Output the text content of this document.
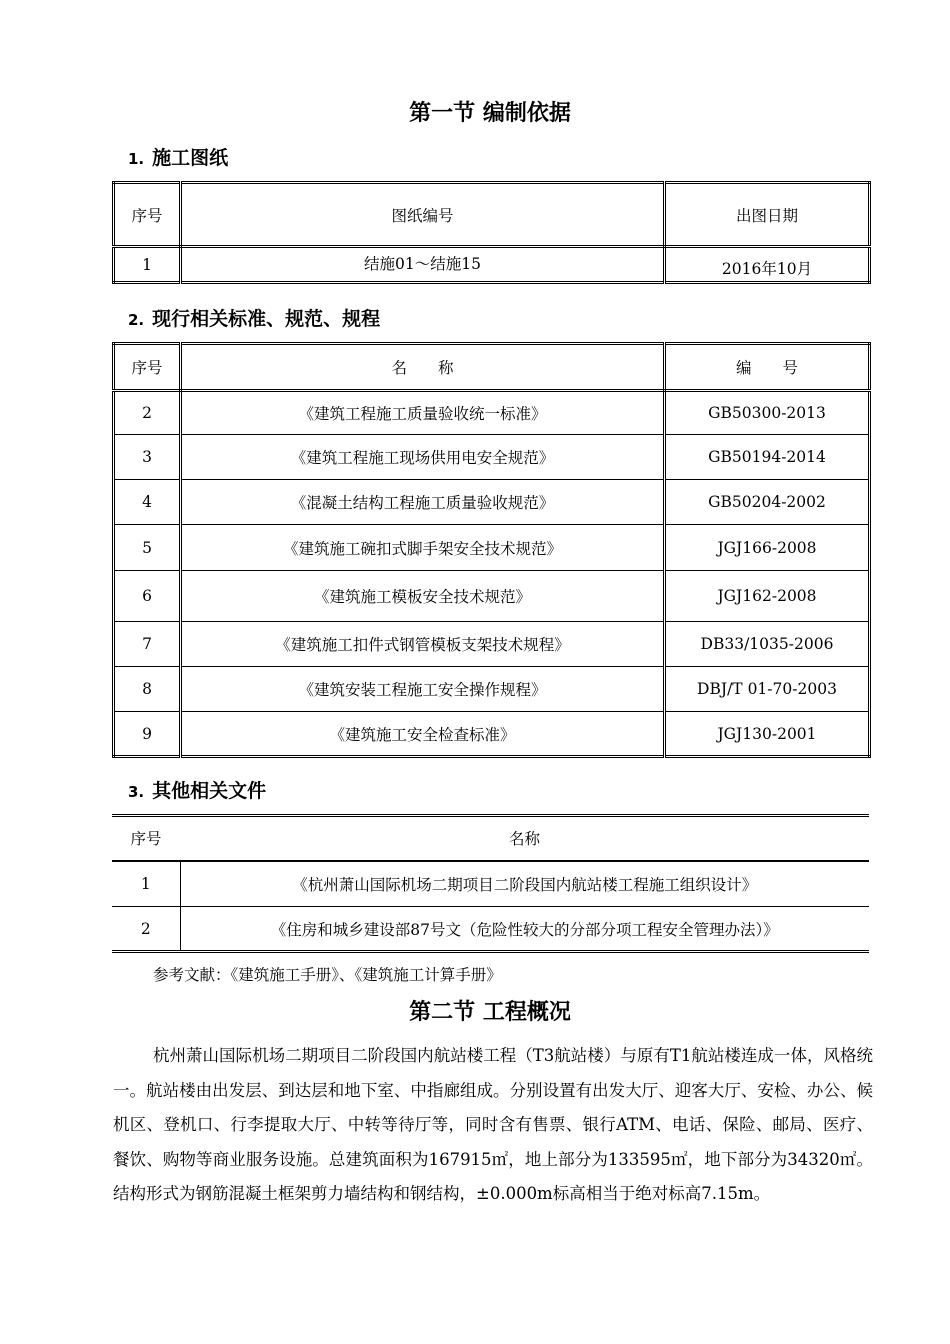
第一节 编制依据
1. 施工图纸
序号	图纸编号	出图日期
1	结施01～结施15	2016年10月
2. 现行相关标准、规范、规程
序号	名　　称	编　　号
2	《建筑工程施工质量验收统一标准》	GB50300-2013
3	《建筑工程施工现场供用电安全规范》	GB50194-2014
4	《混凝土结构工程施工质量验收规范》	GB50204-2002
5	《建筑施工碗扣式脚手架安全技术规范》	JGJ166-2008
6	《建筑施工模板安全技术规范》	JGJ162-2008
7	《建筑施工扣件式钢管模板支架技术规程》	DB33/1035-2006
8	《建筑安装工程施工安全操作规程》	DBJ/T 01-70-2003
9	《建筑施工安全检查标准》	JGJ130-2001
3. 其他相关文件
序号	名称
1	《杭州萧山国际机场二期项目二阶段国内航站楼工程施工组织设计》
2	《住房和城乡建设部87号文（危险性较大的分部分项工程安全管理办法）》
参考文献：《建筑施工手册》、《建筑施工计算手册》
第二节 工程概况
杭州萧山国际机场二期项目二阶段国内航站楼工程（T3航站楼）与原有T1航站楼连成一体，风格统一。航站楼由出发层、到达层和地下室、中指廊组成。分别设置有出发大厅、迎客大厅、安检、办公、候机区、登机口、行李提取大厅、中转等待厅等，同时含有售票、银行ATM、电话、保险、邮局、医疗、餐饮、购物等商业服务设施。总建筑面积为167915㎡，地上部分为133595㎡，地下部分为34320㎡。结构形式为钢筋混凝土框架剪力墙结构和钢结构，±0.000m标高相当于绝对标高7.15m。
